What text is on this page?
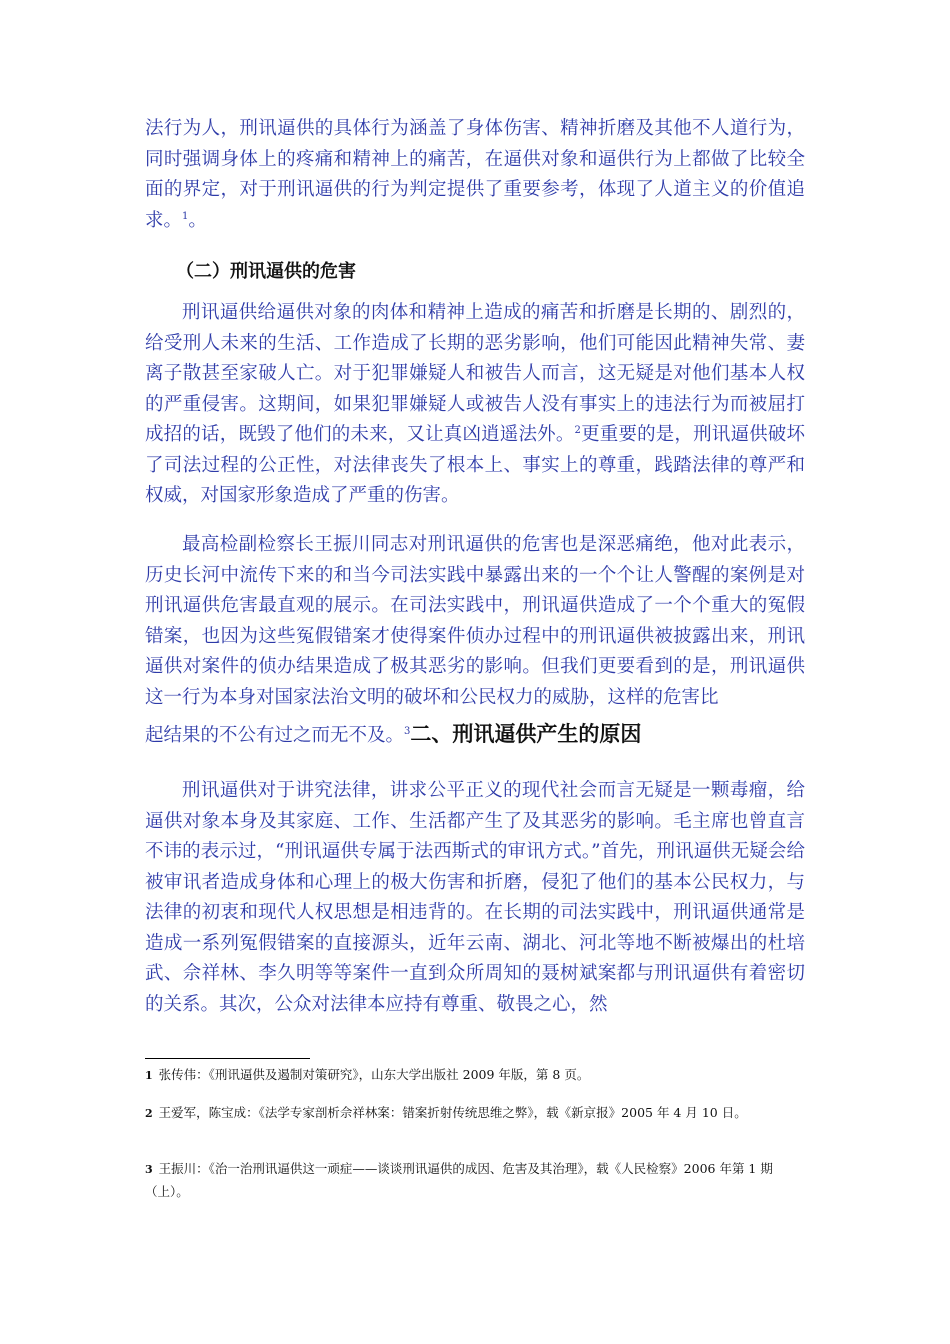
法行为人，刑讯逼供的具体行为涵盖了身体伤害、精神折磨及其他不人道行为，同时强调身体上的疼痛和精神上的痛苦，在逼供对象和逼供行为上都做了比较全面的界定，对于刑讯逼供的行为判定提供了重要参考，体现了人道主义的价值追求。$^1$。

（二）刑讯逼供的危害

刑讯逼供给逼供对象的肉体和精神上造成的痛苦和折磨是长期的、剧烈的，给受刑人未来的生活、工作造成了长期的恶劣影响，他们可能因此精神失常、妻离子散甚至家破人亡。对于犯罪嫌疑人和被告人而言，这无疑是对他们基本人权的严重侵害。这期间，如果犯罪嫌疑人或被告人没有事实上的违法行为而被屈打成招的话，既毁了他们的未来，又让真凶逍遥法外。$^2$更重要的是，刑讯逼供破坏了司法过程的公正性，对法律丧失了根本上、事实上的尊重，践踏法律的尊严和权威，对国家形象造成了严重的伤害。

最高检副检察长王振川同志对刑讯逼供的危害也是深恶痛绝，他对此表示，历史长河中流传下来的和当今司法实践中暴露出来的一个个让人警醒的案例是对刑讯逼供危害最直观的展示。在司法实践中，刑讯逼供造成了一个个重大的冤假错案，也因为这些冤假错案才使得案件侦办过程中的刑讯逼供被披露出来，刑讯逼供对案件的侦办结果造成了极其恶劣的影响。但我们更要看到的是，刑讯逼供这一行为本身对国家法治文明的破坏和公民权力的威胁，这样的危害比

起结果的不公有过之而无不及。$^3$二、刑讯逼供产生的原因

刑讯逼供对于讲究法律，讲求公平正义的现代社会而言无疑是一颗毒瘤，给逼供对象本身及其家庭、工作、生活都产生了及其恶劣的影响。毛主席也曾直言不讳的表示过，“刑讯逼供专属于法西斯式的审讯方式。”首先，刑讯逼供无疑会给被审讯者造成身体和心理上的极大伤害和折磨，侵犯了他们的基本公民权力，与法律的初衷和现代人权思想是相违背的。在长期的司法实践中，刑讯逼供通常是造成一系列冤假错案的直接源头，近年云南、湖北、河北等地不断被爆出的杜培武、佘祥林、李久明等等案件一直到众所周知的聂树斌案都与刑讯逼供有着密切的关系。其次，公众对法律本应持有尊重、敬畏之心，然

1 张传伟：《刑讯逼供及遏制对策研究》，山东大学出版社 2009 年版，第 8 页。

2 王爱军，陈宝成：《法学专家剖析佘祥林案：错案折射传统思维之弊》，载《新京报》2005 年 4 月 10 日。

3 王振川：《治一治刑讯逼供这一顽症——谈谈刑讯逼供的成因、危害及其治理》，载《人民检察》2006 年第 1 期（上）。
